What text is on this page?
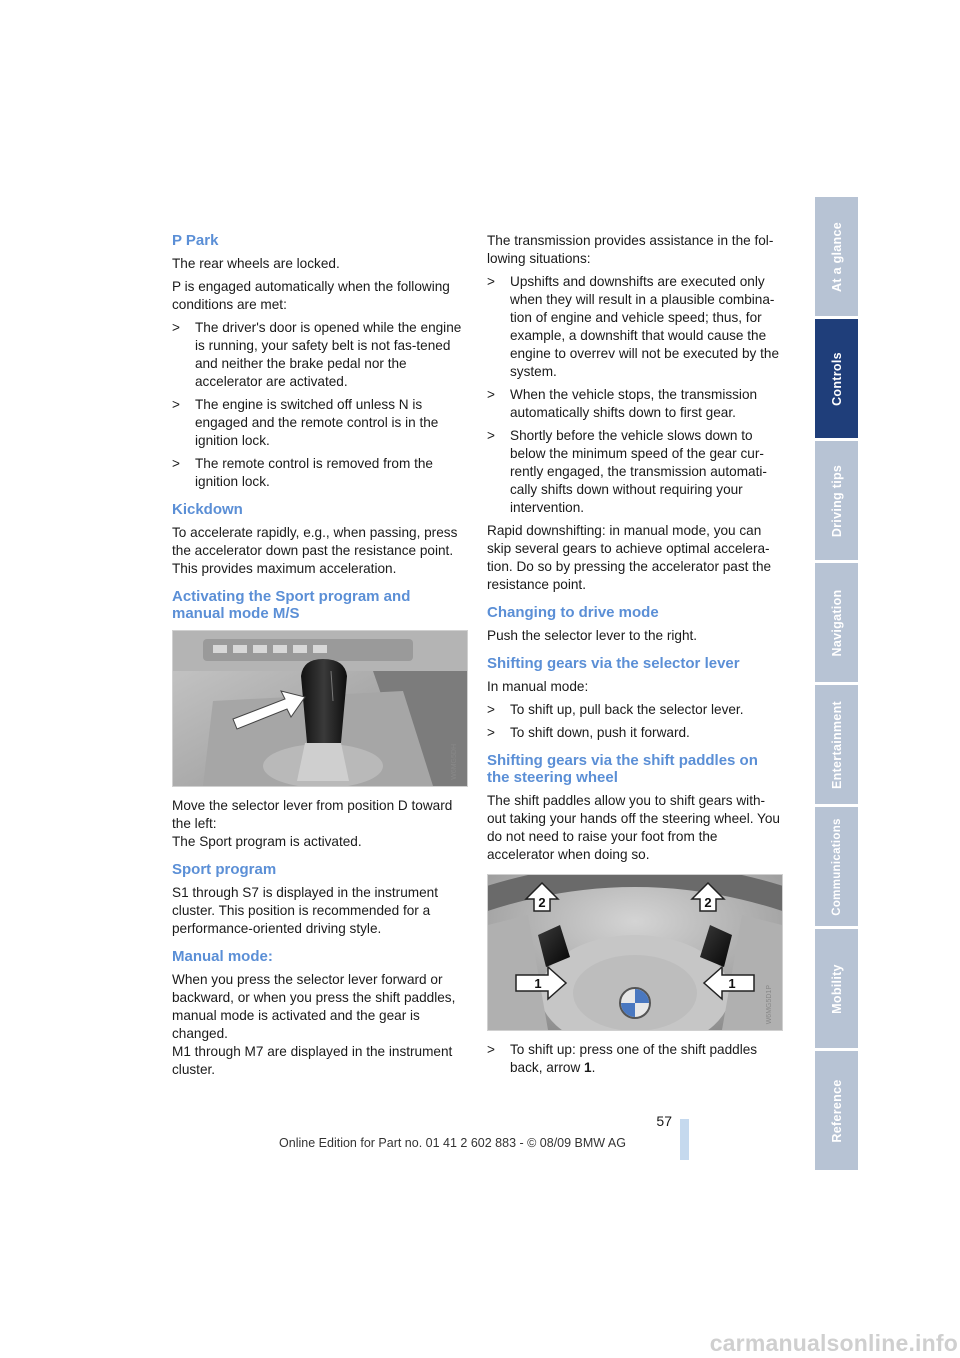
P Park

The rear wheels are locked.

P is engaged automatically when the following conditions are met:

> The driver's door is opened while the engine is running, your safety belt is not fas-tened and neither the brake pedal nor the accelerator are activated.
> The engine is switched off unless N is engaged and the remote control is in the ignition lock.
> The remote control is removed from the ignition lock.
Kickdown

To accelerate rapidly, e.g., when passing, press the accelerator down past the resistance point. This provides maximum acceleration.

Activating the Sport program and manual mode M/S
W6MG5DH

Move the selector lever from position D toward the left:

The Sport program is activated.

Sport program

S1 through S7 is displayed in the instrument cluster. This position is recommended for a performance-oriented driving style.

Manual mode:

When you press the selector lever forward or backward, or when you press the shift paddles, manual mode is activated and the gear is changed.

M1 through M7 are displayed in the instrument cluster.

The transmission provides assistance in the fol-lowing situations:

> Upshifts and downshifts are executed only when they will result in a plausible combina-tion of engine and vehicle speed; thus, for example, a downshift that would cause the engine to overrev will not be executed by the system.
> When the vehicle stops, the transmission automatically shifts down to first gear.
> Shortly before the vehicle slows down to below the minimum speed of the gear cur-rently engaged, the transmission automati-cally shifts down without requiring your intervention.

Rapid downshifting: in manual mode, you can skip several gears to achieve optimal accelera-tion. Do so by pressing the accelerator past the resistance point.

Changing to drive mode

Push the selector lever to the right.

Shifting gears via the selector lever

In manual mode:

> To shift up, pull back the selector lever.
> To shift down, push it forward.
Shifting gears via the shift paddles on the steering wheel

The shift paddles allow you to shift gears with-out taking your hands off the steering wheel. You do not need to raise your foot from the accelerator when doing so.

2	2
1	1
W6MG5D1P
> To shift up: press one of the shift paddles back, arrow 1.
At a glance
Controls
Driving tips
Navigation
Entertainment
Communications
Mobility
Reference
57
Online Edition for Part no. 01 41 2 602 883 - © 08/09 BMW AG
carmanualsonline.info
